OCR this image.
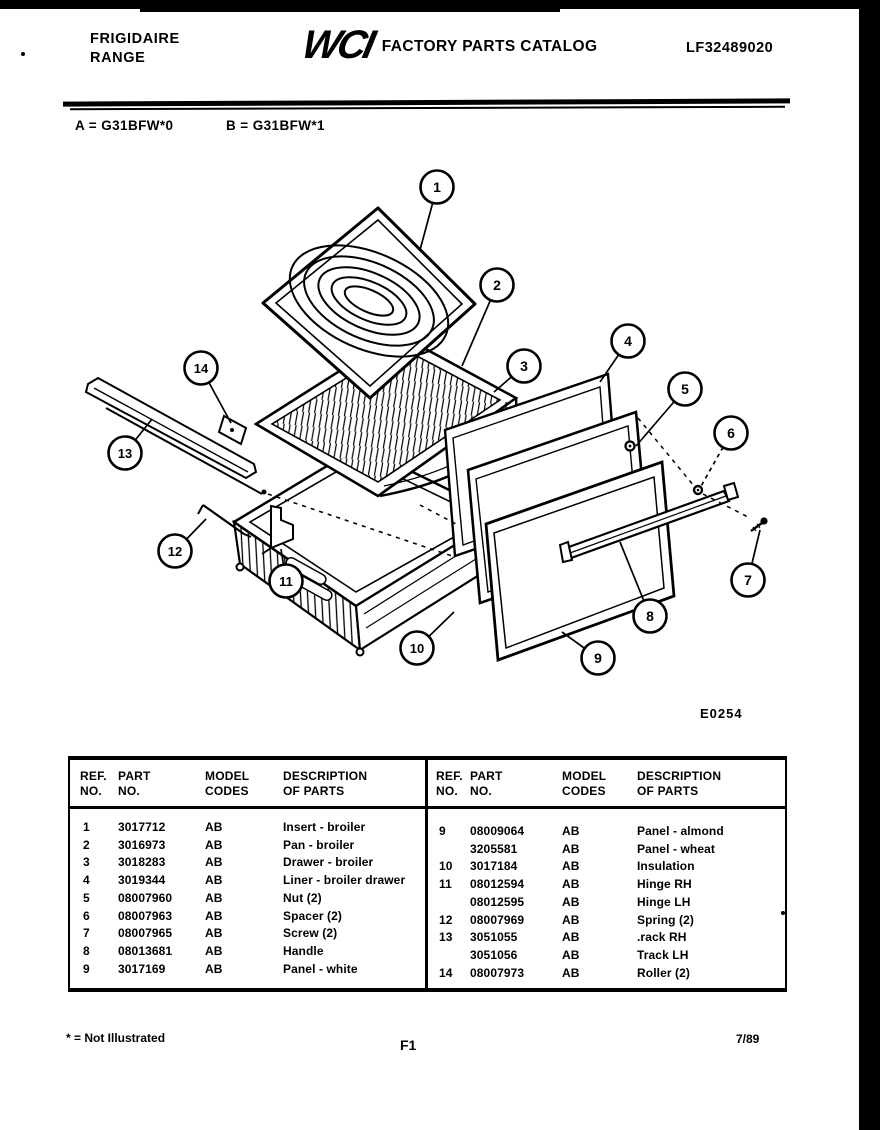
FRIGIDAIRE
RANGE	WCI FACTORY PARTS CATALOG	LF32489020
A = G31BFW*0	B = G31BFW*1
1
2
3
4
5
6
7
8
9
10
11
12
13
14
E0254
REF.
NO.
PART
NO.
MODEL
CODES
DESCRIPTION
OF PARTS
1	3017712	AB	Insert - broiler
2	3016973	AB	Pan - broiler
3	3018283	AB	Drawer - broiler
4	3019344	AB	Liner - broiler drawer
5	08007960	AB	Nut (2)
6	08007963	AB	Spacer (2)
7	08007965	AB	Screw (2)
8	08013681	AB	Handle
9	3017169	AB	Panel - white
REF.
NO.
PART
NO.
MODEL
CODES
DESCRIPTION
OF PARTS
9	08009064	AB	Panel - almond
3205581	AB	Panel - wheat
10	3017184	AB	Insulation
11	08012594	AB	Hinge RH
08012595	AB	Hinge LH
12	08007969	AB	Spring (2)
13	3051055	AB	.rack RH
3051056	AB	Track LH
14	08007973	AB	Roller (2)
* = Not Illustrated	F1	7/89
